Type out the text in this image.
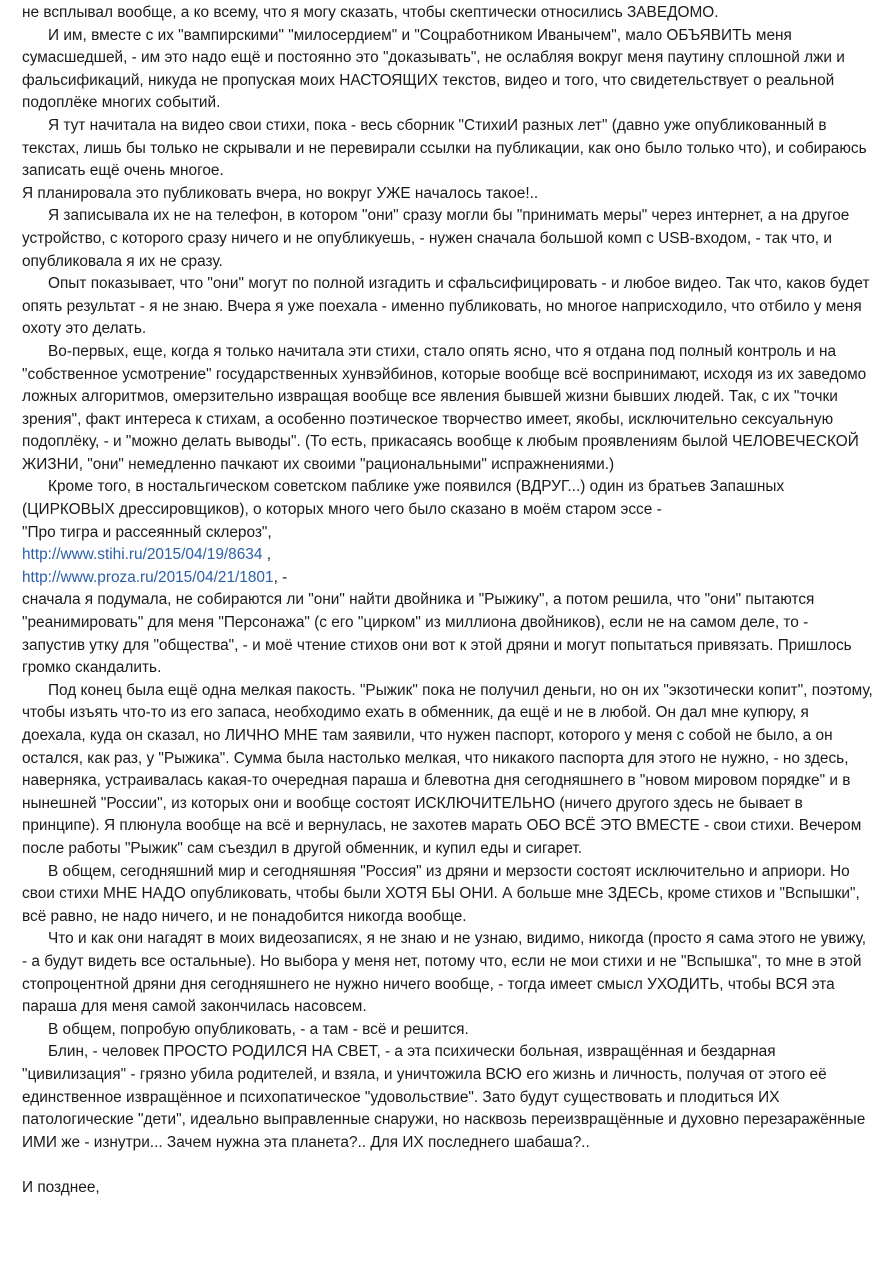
не всплывал вообще, а ко всему, что я могу сказать, чтобы скептически относились ЗАВЕДОМО.

И им, вместе с их "вампирскими" "милосердием" и "Соцработником Иванычем", мало ОБЪЯВИТЬ меня сумасшедшей, - им это надо ещё и постоянно это "доказывать", не ослабляя вокруг меня паутину сплошной лжи и фальсификаций, никуда не пропуская моих НАСТОЯЩИХ текстов, видео и того, что свидетельствует о реальной подоплёке многих событий.

Я тут начитала на видео свои стихи, пока - весь сборник "СтихиИ разных лет" (давно уже опубликованный в текстах, лишь бы только не скрывали и не перевирали ссылки на публикации, как оно было только что), и собираюсь записать ещё очень многое.

Я планировала это публиковать вчера, но вокруг УЖЕ началось такое!..

Я записывала их не на телефон, в котором "они" сразу могли бы "принимать меры" через интернет, а на другое устройство, с которого сразу ничего и не опубликуешь, - нужен сначала большой комп с USB-входом, - так что, и опубликовала я их не сразу.

Опыт показывает, что "они" могут по полной изгадить и сфальсифицировать - и любое видео. Так что, каков будет опять результат - я не знаю. Вчера я уже поехала - именно публиковать, но многое наприсходило, что отбило у меня охоту это делать.

Во-первых, еще, когда я только начитала эти стихи, стало опять ясно, что я отдана под полный контроль и на "собственное усмотрение" государственных хунвэйбинов, которые вообще всё воспринимают, исходя из их заведомо ложных алгоритмов, омерзительно извращая вообще все явления бывшей жизни бывших людей. Так, с их "точки зрения", факт интереса к стихам, а особенно поэтическое творчество имеет, якобы, исключительно сексуальную подоплёку, - и "можно делать выводы". (То есть, прикасаясь вообще к любым проявлениям былой ЧЕЛОВЕЧЕСКОЙ ЖИЗНИ, "они" немедленно пачкают их своими "рациональными" испражнениями.)

Кроме того, в ностальгическом советском паблике уже появился (ВДРУГ...) один из братьев Запашных (ЦИРКОВЫХ дрессировщиков), о которых много чего было сказано в моём старом эссе -

"Про тигра и рассеянный склероз",

http://www.stihi.ru/2015/04/19/8634 ,

http://www.proza.ru/2015/04/21/1801, -

сначала я подумала, не собираются ли "они" найти двойника и "Рыжику", а потом решила, что "они" пытаются "реанимировать" для меня "Персонажа" (с его "цирком" из миллиона двойников), если не на самом деле, то - запустив утку для "общества", - и моё чтение стихов они вот к этой дряни и могут попытаться привязать. Пришлось громко скандалить.

Под конец была ещё одна мелкая пакость. "Рыжик" пока не получил деньги, но он их "экзотически копит", поэтому, чтобы изъять что-то из его запаса, необходимо ехать в обменник, да ещё и не в любой. Он дал мне купюру, я доехала, куда он сказал, но ЛИЧНО МНЕ там заявили, что нужен паспорт, которого у меня с собой не было, а он остался, как раз, у "Рыжика". Сумма была настолько мелкая, что никакого паспорта для этого не нужно, - но здесь, наверняка, устраивалась какая-то очередная параша и блевотна дня сегодняшнего в "новом мировом порядке" и в нынешней "России", из которых они и вообще состоят ИСКЛЮЧИТЕЛЬНО (ничего другого здесь не бывает в принципе). Я плюнула вообще на всё и вернулась, не захотев марать ОБО ВСЁ ЭТО ВМЕСТЕ - свои стихи. Вечером после работы "Рыжик" сам съездил в другой обменник, и купил еды и сигарет.

В общем, сегодняшний мир и сегодняшняя "Россия" из дряни и мерзости состоят исключительно и априори. Но свои стихи МНЕ НАДО опубликовать, чтобы были ХОТЯ БЫ ОНИ. А больше мне ЗДЕСЬ, кроме стихов и "Вспышки", всё равно, не надо ничего, и не понадобится никогда вообще.

Что и как они нагадят в моих видеозаписях, я не знаю и не узнаю, видимо, никогда (просто я сама этого не увижу, - а будут видеть все остальные). Но выбора у меня нет, потому что, если не мои стихи и не "Вспышка", то мне в этой стопроцентной дряни дня сегодняшнего не нужно ничего вообще, - тогда имеет смысл УХОДИТЬ, чтобы ВСЯ эта параша для меня самой закончилась насовсем.

В общем, попробую опубликовать, - а там - всё и решится.

Блин, - человек ПРОСТО РОДИЛСЯ НА СВЕТ, - а эта психически больная, извращённая и бездарная "цивилизация" - грязно убила родителей, и взяла, и уничтожила ВСЮ его жизнь и личность, получая от этого её единственное извращённое и психопатическое "удовольствие". Зато будут существовать и плодиться ИХ патологические "дети", идеально выправленные снаружи, но насквозь переизвращённые и духовно перезаражённые ИМИ же - изнутри... Зачем нужна эта планета?.. Для ИХ последнего шабаша?..

И позднее,
